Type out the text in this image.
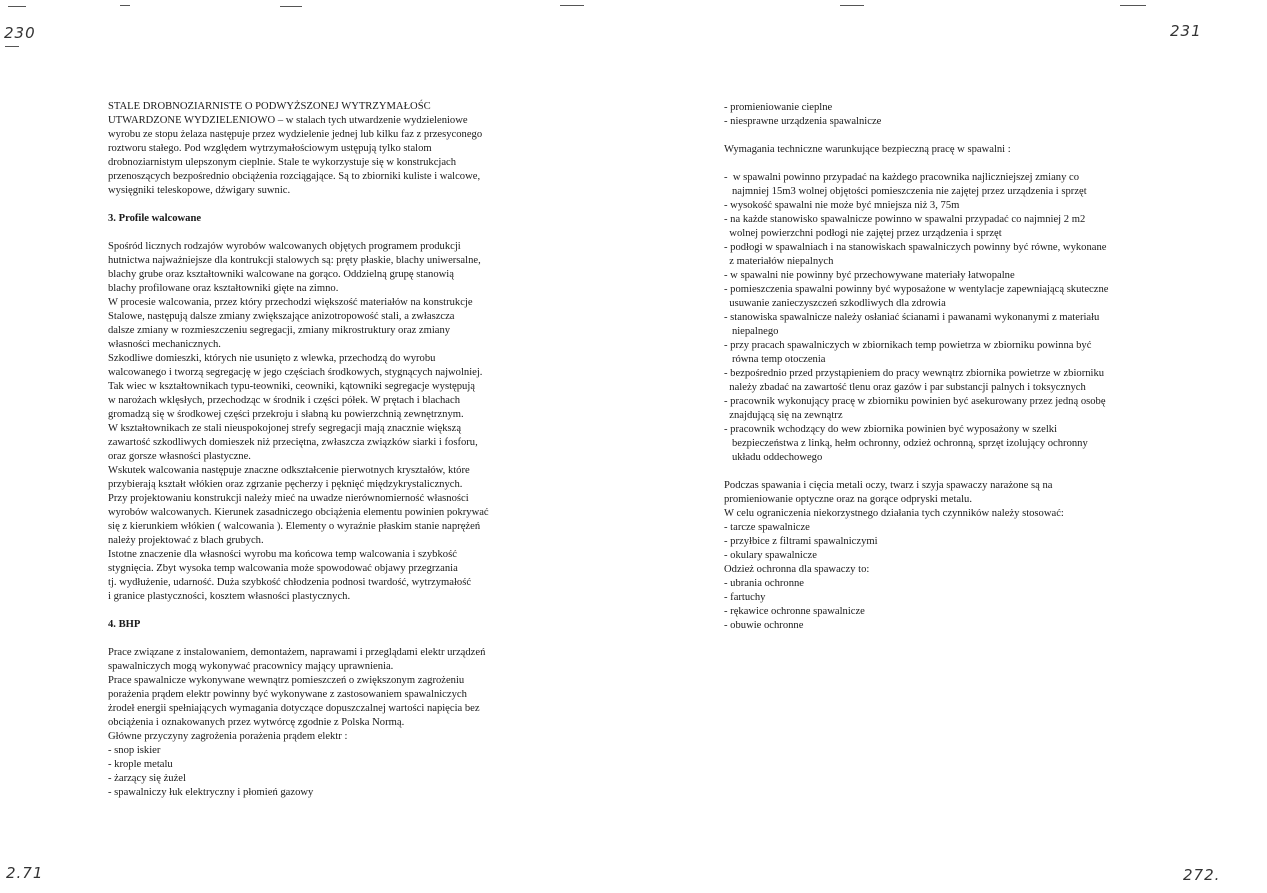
230
STALE DROBNOZIARNISTE O PODWYŻSZONEJ WYTRZYMAŁOŚC
UTWARDZONE WYDZIELENIOWO – w stalach tych utwardzenie wydzieleniowe
wyrobu ze stopu żelaza następuje przez wydzielenie jednej lub kilku faz z przesyconego
roztworu stałego. Pod względem wytrzymałościowym ustępują tylko stalom
drobnoziarnistym ulepszonym cieplnie. Stale te wykorzystuje się w konstrukcjach
przenoszących bezpośrednio obciążenia rozciągające. Są to zbiorniki kuliste i walcowe,
wysięgniki teleskopowe, dźwigary suwnic.
3. Profile walcowane
Spośród licznych rodzajów wyrobów walcowanych objętych programem produkcji
hutnictwa najważniejsze dla kontrukcji stalowych są: pręty płaskie, blachy uniwersalne,
blachy grube oraz kształtowniki walcowane na gorąco. Oddzielną grupę stanowią
blachy profilowane oraz kształtowniki gięte na zimno.
W procesie walcowania, przez który przechodzi większość materiałów na konstrukcje
Stalowe, następują dalsze zmiany zwiększające anizotropowość stali, a zwłaszcza
dalsze zmiany w rozmieszczeniu segregacji, zmiany mikrostruktury oraz zmiany
własności mechanicznych.
Szkodliwe domieszki, których nie usunięto z wlewka, przechodzą do wyrobu
walcowanego i tworzą segregację w jego częściach środkowych, stygnących najwolniej.
Tak wiec w kształtownikach typu-teowniki, ceowniki, kątowniki segregacje występują
w narożach wklęsłych, przechodząc w środnik i części półek. W prętach i blachach
gromadzą się w środkowej części przekroju i słabną ku powierzchnią zewnętrznym.
W kształtownikach ze stali nieuspokojonej strefy segregacji mają znacznie większą
zawartość szkodliwych domieszek niż przeciętna, zwłaszcza związków siarki i fosforu,
oraz gorsze własności plastyczne.
Wskutek walcowania następuje znaczne odkształcenie pierwotnych kryształów, które
przybierają kształt włókien oraz zgrzanie pęcherzy i pęknięć międzykrystalicznych.
Przy projektowaniu konstrukcji należy mieć na uwadze nierównomierność własności
wyrobów walcowanych. Kierunek zasadniczego obciążenia elementu powinien pokrywać
się z kierunkiem włókien ( walcowania ). Elementy o wyraźnie płaskim stanie naprężeń
należy projektować z blach grubych.
Istotne znaczenie dla własności wyrobu ma końcowa temp walcowania i szybkość
stygnięcia. Zbyt wysoka temp walcowania może spowodować objawy przegrzania
tj. wydłużenie, udarność. Duża szybkość chłodzenia podnosi twardość, wytrzymałość
i granice plastyczności, kosztem własności plastycznych.
4. BHP
Prace związane z instalowaniem, demontażem, naprawami i przeglądami elektr urządzeń
spawalniczych mogą wykonywać pracownicy mający uprawnienia.
Prace spawalnicze wykonywane wewnątrz pomieszczeń o zwiększonym zagrożeniu
porażenia prądem elektr powinny być wykonywane z zastosowaniem spawalniczych
żrodeł energii spełniających wymagania dotyczące dopuszczalnej wartości napięcia bez
obciążenia i oznakowanych przez wytwórcę zgodnie z Polska Normą.
Główne przyczyny zagrożenia porażenia prądem elektr :
- snop iskier
- krople metalu
- żarzący się żużel
- spawalniczy łuk elektryczny i płomień gazowy
2.71
231
- promieniowanie cieplne
- niesprawne urządzenia spawalnicze
Wymagania techniczne warunkujące bezpieczną pracę w spawalni :
-  w spawalni powinno przypadać na każdego pracownika najliczniejszej zmiany co
najmniej 15m3 wolnej objętości pomieszczenia nie zajętej przez urządzenia i sprzęt
- wysokość spawalni nie może być mniejsza niż 3, 75m
- na każde stanowisko spawalnicze powinno w spawalni przypadać co najmniej 2 m2
wolnej powierzchni podłogi nie zajętej przez urządzenia i sprzęt
- podłogi w spawalniach i na stanowiskach spawalniczych powinny być równe, wykonane
z materiałów niepalnych
- w spawalni nie powinny być przechowywane materiały łatwopalne
- pomieszczenia spawalni powinny być wyposażone w wentylacje zapewniającą skuteczne
usuwanie zanieczyszczeń szkodliwych dla zdrowia
- stanowiska spawalnicze należy osłaniać ścianami i pawanami wykonanymi z materiału
niepalnego
- przy pracach spawalniczych w zbiornikach temp powietrza w zbiorniku powinna być
równa temp otoczenia
- bezpośrednio przed przystąpieniem do pracy wewnątrz zbiornika powietrze w zbiorniku
należy zbadać na zawartość tlenu oraz gazów i par substancji palnych i toksycznych
- pracownik wykonujący pracę w zbiorniku powinien być asekurowany przez jedną osobę
znajdującą się na zewnątrz
- pracownik wchodzący do wew zbiornika powinien być wyposażony w szelki
bezpieczeństwa z linką, hełm ochronny, odzież ochronną, sprzęt izolujący ochronny
układu oddechowego
Podczas spawania i cięcia metali oczy, twarz i szyja spawaczy narażone są na
promieniowanie optyczne oraz na gorące odpryski metalu.
W celu ograniczenia niekorzystnego działania tych czynników należy stosować:
- tarcze spawalnicze
- przyłbice z filtrami spawalniczymi
- okulary spawalnicze
Odzież ochronna dla spawaczy to:
- ubrania ochronne
- fartuchy
- rękawice ochronne spawalnicze
- obuwie ochronne
272.
